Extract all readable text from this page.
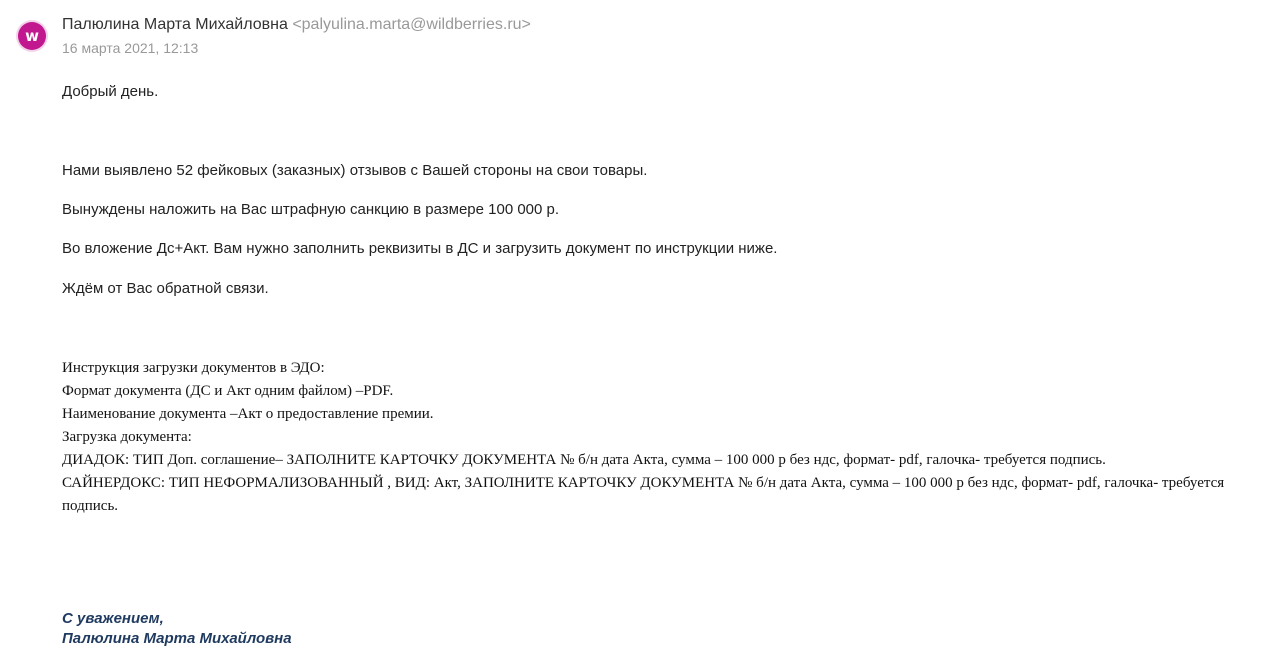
w
Палюлина Марта Михайловна <palyulina.marta@wildberries.ru>
16 марта 2021, 12:13
Добрый день.
Нами выявлено 52 фейковых (заказных) отзывов с Вашей стороны на свои товары.
Вынуждены наложить на Вас штрафную санкцию в размере 100 000 р.
Во вложение Дс+Акт. Вам нужно заполнить реквизиты в ДС и загрузить документ по инструкции ниже.
Ждём от Вас обратной связи.
Инструкция загрузки документов в ЭДО:
Формат документа (ДС и Акт одним файлом) –PDF.
Наименование документа –Акт о предоставление премии.
Загрузка документа:
ДИАДОК: ТИП Доп. соглашение– ЗАПОЛНИТЕ КАРТОЧКУ ДОКУМЕНТА № б/н дата Акта, сумма – 100 000 р без ндс, формат- pdf, галочка- требуется подпись.
САЙНЕРДОКС: ТИП НЕФОРМАЛИЗОВАННЫЙ , ВИД: Акт, ЗАПОЛНИТЕ КАРТОЧКУ ДОКУМЕНТА № б/н дата Акта, сумма – 100 000 р без ндс, формат- pdf, галочка- требуется подпись.
С уважением,
Палюлина Марта Михайловна
